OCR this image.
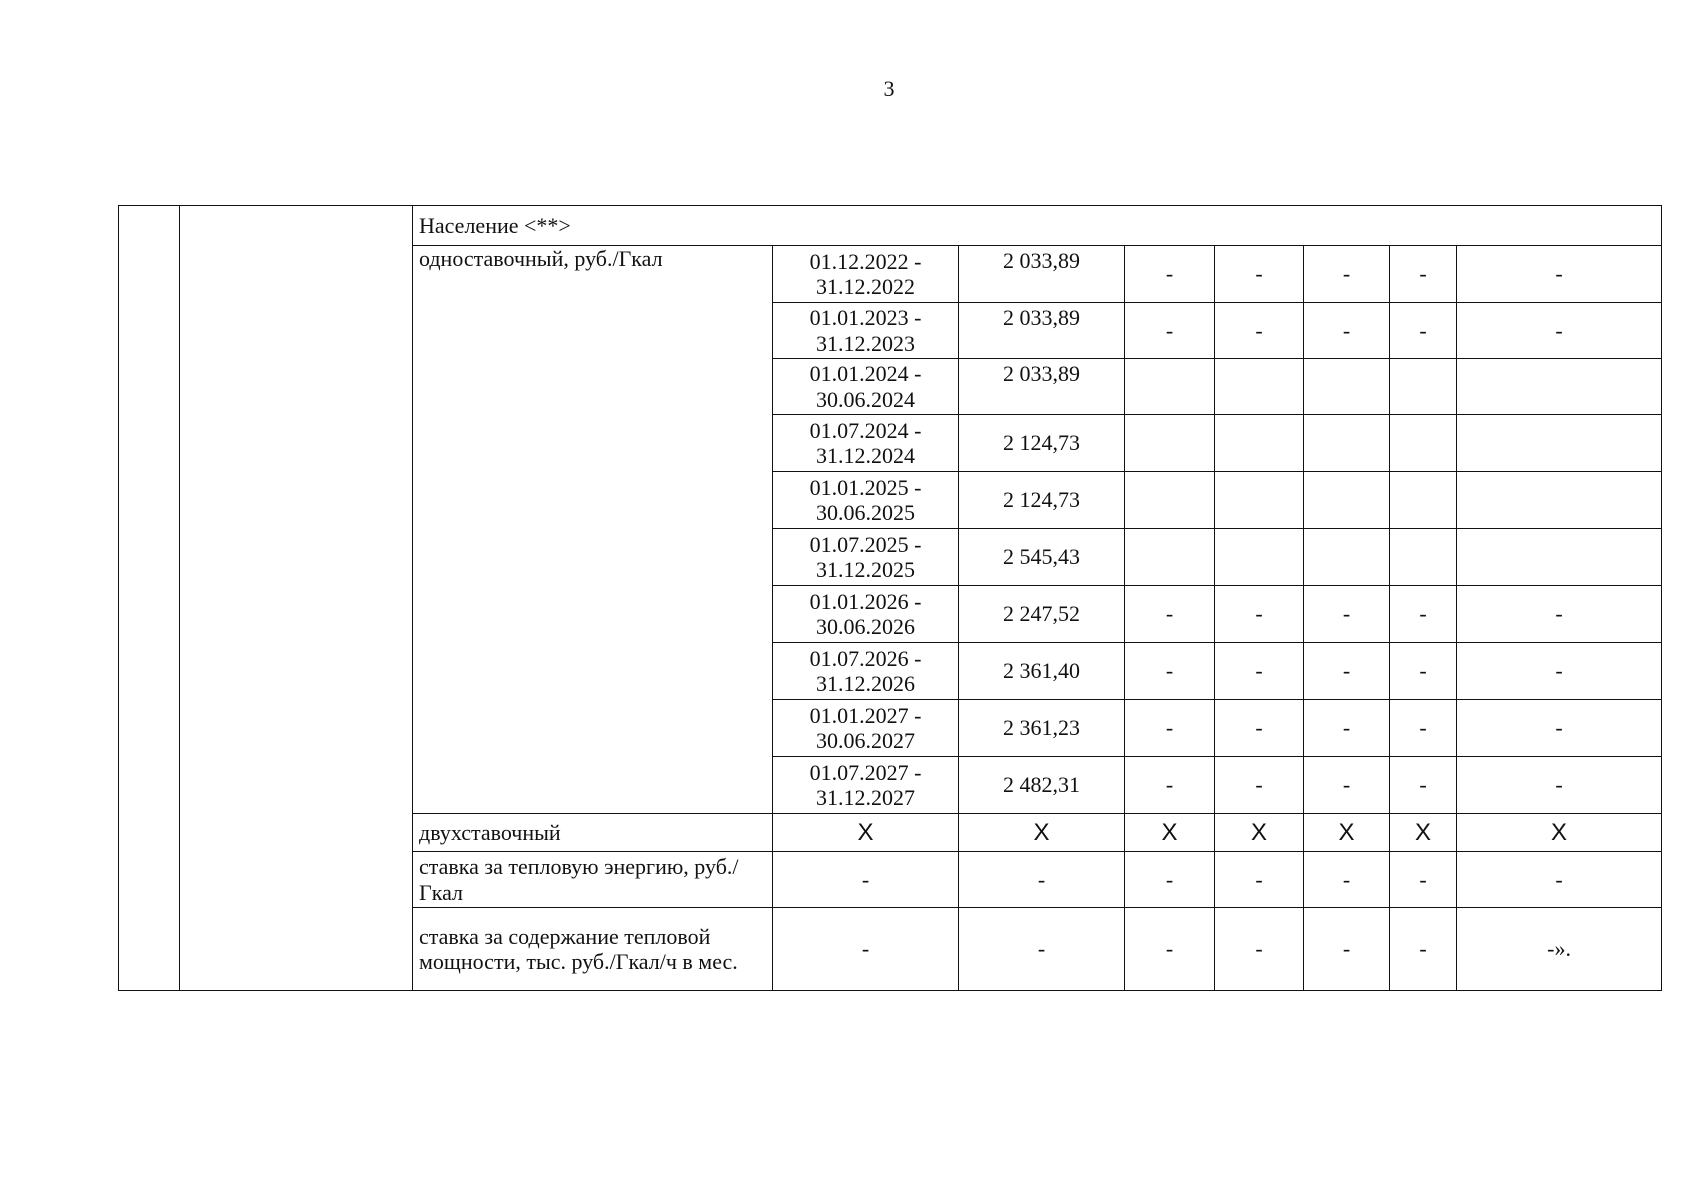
3
		Население <**>							
		одноставочный, руб./Гкал	01.12.2022 - 31.12.2022	2 033,89	-	-	-	-	-
			01.01.2023 - 31.12.2023	2 033,89	-	-	-	-	-
			01.01.2024 - 30.06.2024	2 033,89					
			01.07.2024 - 31.12.2024	2 124,73					
			01.01.2025 - 30.06.2025	2 124,73					
			01.07.2025 - 31.12.2025	2 545,43					
			01.01.2026 - 30.06.2026	2 247,52	-	-	-	-	-
			01.07.2026 - 31.12.2026	2 361,40	-	-	-	-	-
			01.01.2027 - 30.06.2027	2 361,23	-	-	-	-	-
			01.07.2027 - 31.12.2027	2 482,31	-	-	-	-	-
		двухставочный	X	X	X	X	X	X	X
		ставка за тепловую энергию, руб./Гкал	-	-	-	-	-	-	-
		ставка за содержание тепловой мощности, тыс. руб./Гкал/ч в мес.	-	-	-	-	-	-	-».
